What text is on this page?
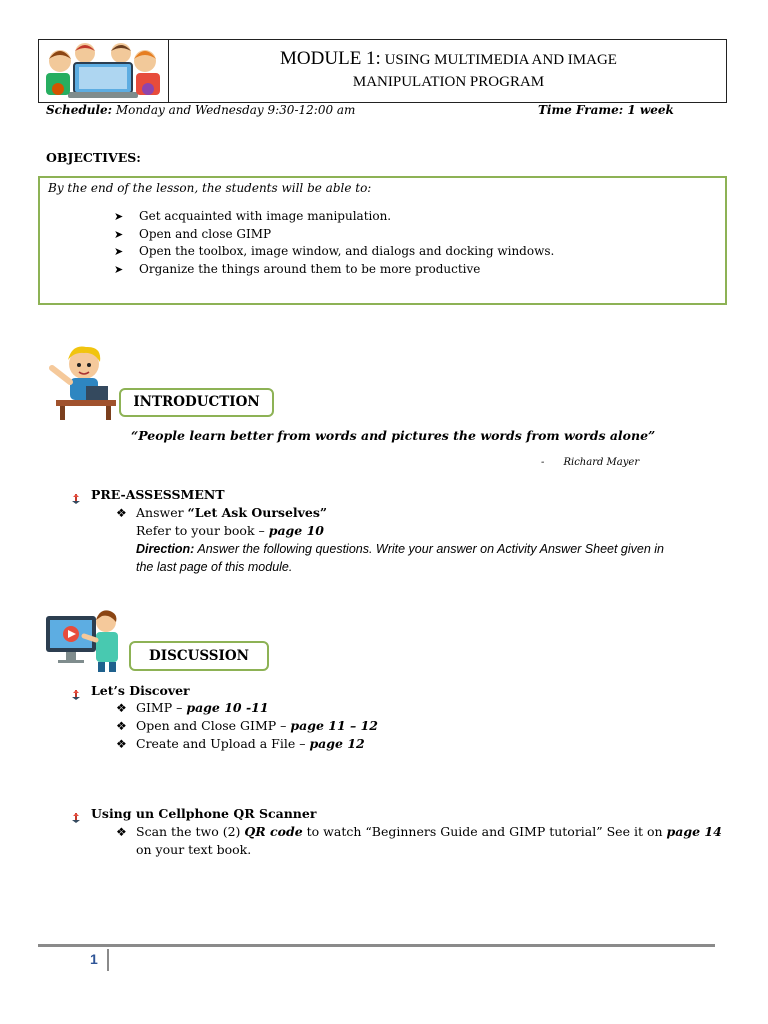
MODULE 1: USING MULTIMEDIA AND IMAGE
MANIPULATION PROGRAM
Schedule: Monday and Wednesday 9:30-12:00 am	Time Frame: 1 week
OBJECTIVES:
By the end of the lesson, the students will be able to:
➤ Get acquainted with image manipulation.
➤ Open and close GIMP
➤ Open the toolbox, image window, and dialogs and docking windows.
➤ Organize the things around them to be more productive
INTRODUCTION
“People learn better from words and pictures the words from words alone”
- Richard Mayer
PRE-ASSESSMENT
❖ Answer “Let Ask Ourselves”
Refer to your book – page 10
Direction: Answer the following questions. Write your answer on Activity Answer Sheet given in
the last page of this module.
DISCUSSION
Let’s Discover
❖ GIMP – page 10 -11
❖ Open and Close GIMP – page 11 – 12
❖ Create and Upload a File – page 12
Using un Cellphone QR Scanner
❖ Scan the two (2) QR code to watch “Beginners Guide and GIMP tutorial” See it on page 14
on your text book.
1
